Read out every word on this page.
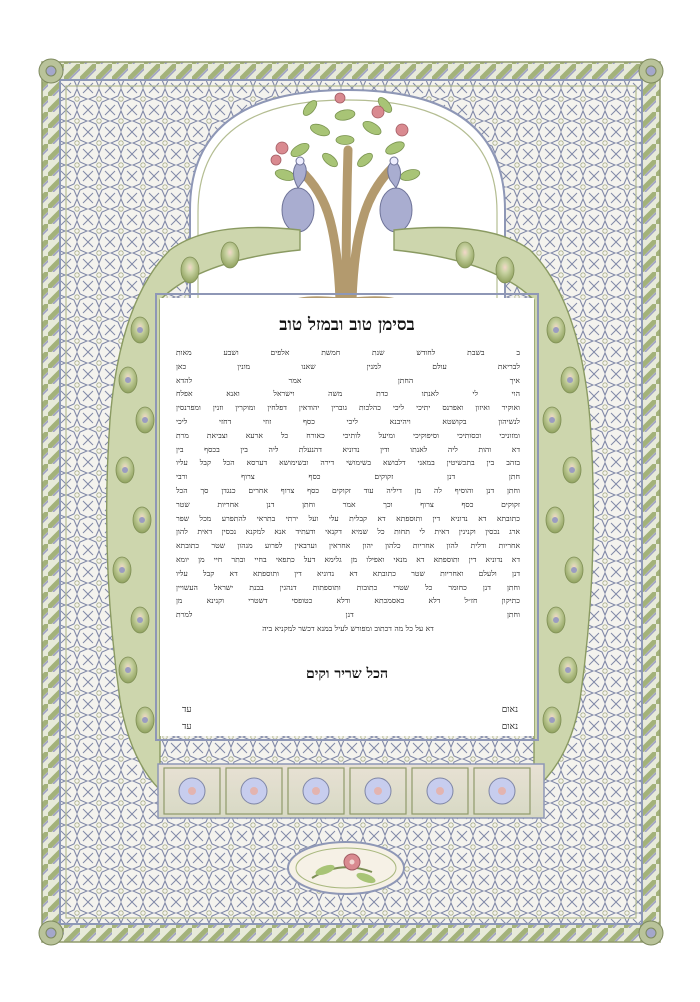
בסימן טוב ובמזל טוב
ב בשבת לחודש שנת חמשת אלפים ושבע מאות
לבריאת עולם למנין שאנו מונין כאן
איך החתן אמר להדא
הוי לי לאנתו כדת משה וישראל ואנא אפלח
ואוקיר ואיזון ואפרנס יתיכי ליכי כהלכות גוברין יהודאין דפלחין ומוקרין וזנין ומפרנסין
לנשיהון בקושטא ויהיבנא ליכי כסף זוזי דחזי ליכי
ומזוניכי וכסותיכי וסיפוקיכי ומיעל לותיכי כאורח כל ארעא וצביאת מרת
דא והות ליה לאנתו ודין נדוניא דהנעלת ליה בין בכסף בין
בזהב בין בתכשיטין במאני דלבושא בשימושי דירה ובשימושא דערסא הכל קבל עליו
חתן דנן זקוקים כסף צרוף ורבי
וחתן דנן והוסיף לה מן דיליה עוד זקוקים כסף צרוף אחרים כנגדן סך הכל
זקוקים כסף צרוף וכך אמר וחתן דנן אחריות שטר
כתובתא דא נדוניא דין ותוספתא דא קבלית עלי ועל ירתי בתראי להתפרע מכל שפר
ארג נכסין וקנינין דאית לי תחות כל שמיא דקנאי ודעתיד אנא למקנא נכסין דאית להון
אחריות ודלית להון אחריות כלהון יהון אחראין וערבאין לפרוע מנהון שטר כתובתא
דא נדוניא דין ותוספתא דא מנאי ואפילו מן גלימא דעל כתפאי בחיי ובתר חיי מן יומא
דנן ולעלם ואחריות שטר כתובתא דא נדוניא דין ותוספתא דא קבל עליו
וחתן דנן כחומר כל שטרי כתובות ותוספתות דנהגין בבנת ישראל העשויין
כתיקון חז״ל דלא כאסמכתא ודלא כטופסי דשטרי וקנינא מן
וחתן דנן למרת
דא על כל מה דכתוב ומפורש לעיל במנא דכשר למקניא ביה
הכל שריר וקים
נאום
עד
נאום
עד
